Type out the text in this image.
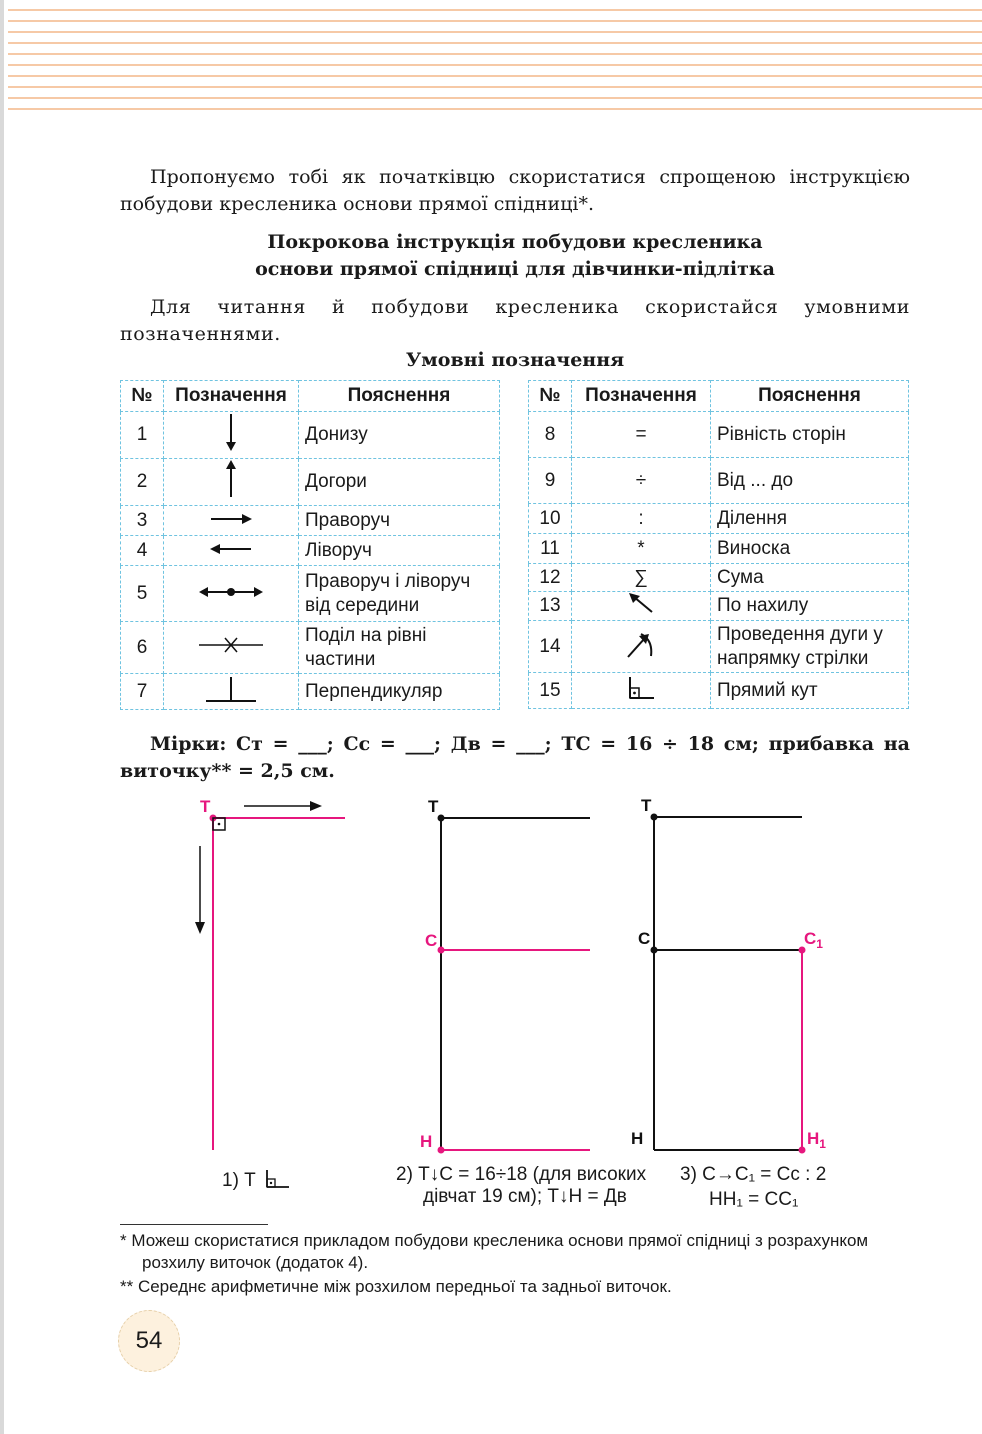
Пропонуємо тобі як початківцю скористатися спрощеною інструкцією побудови кресленика основи прямої спідниці*.
Покрокова інструкція побудови кресленика
основи прямої спідниці для дівчинки-підлітка
Для читання й побудови кресленика скористайся умовними позначеннями.
Умовні позначення
№	Позначення	Пояснення
1		Донизу
2		Догори
3		Праворуч
4		Ліворуч
5		Праворуч і ліворуч від середини
6		Поділ на рівні частини
7		Перпендикуляр
№	Позначення	Пояснення
8	=	Рівність сторін
9	÷	Від ... до
10	:	Ділення
11	*	Виноска
12	∑	Сума
13		По нахилу
14		Проведення дуги у напрямку стрілки
15		Прямий кут
Мірки: Ст = ___; Сс = ___; Дв = ___; ТС = 16 ÷ 18 см; прибавка на виточку** = 2,5 см.
Т	Т
С
Н
Т
С
Н
$С_1$
$Н_1$
1) Т	2) Т↓С = 16÷18 (для високих
дівчат 19 см); Т↓Н = Дв
3) С→С₁ = Сс : 2
НН₁ = СС₁
* Можеш скористатися прикладом побудови кресленика основи прямої спідниці з розрахунком розхилу виточок (додаток 4).
** Середнє арифметичне між розхилом передньої та задньої виточок.
54
